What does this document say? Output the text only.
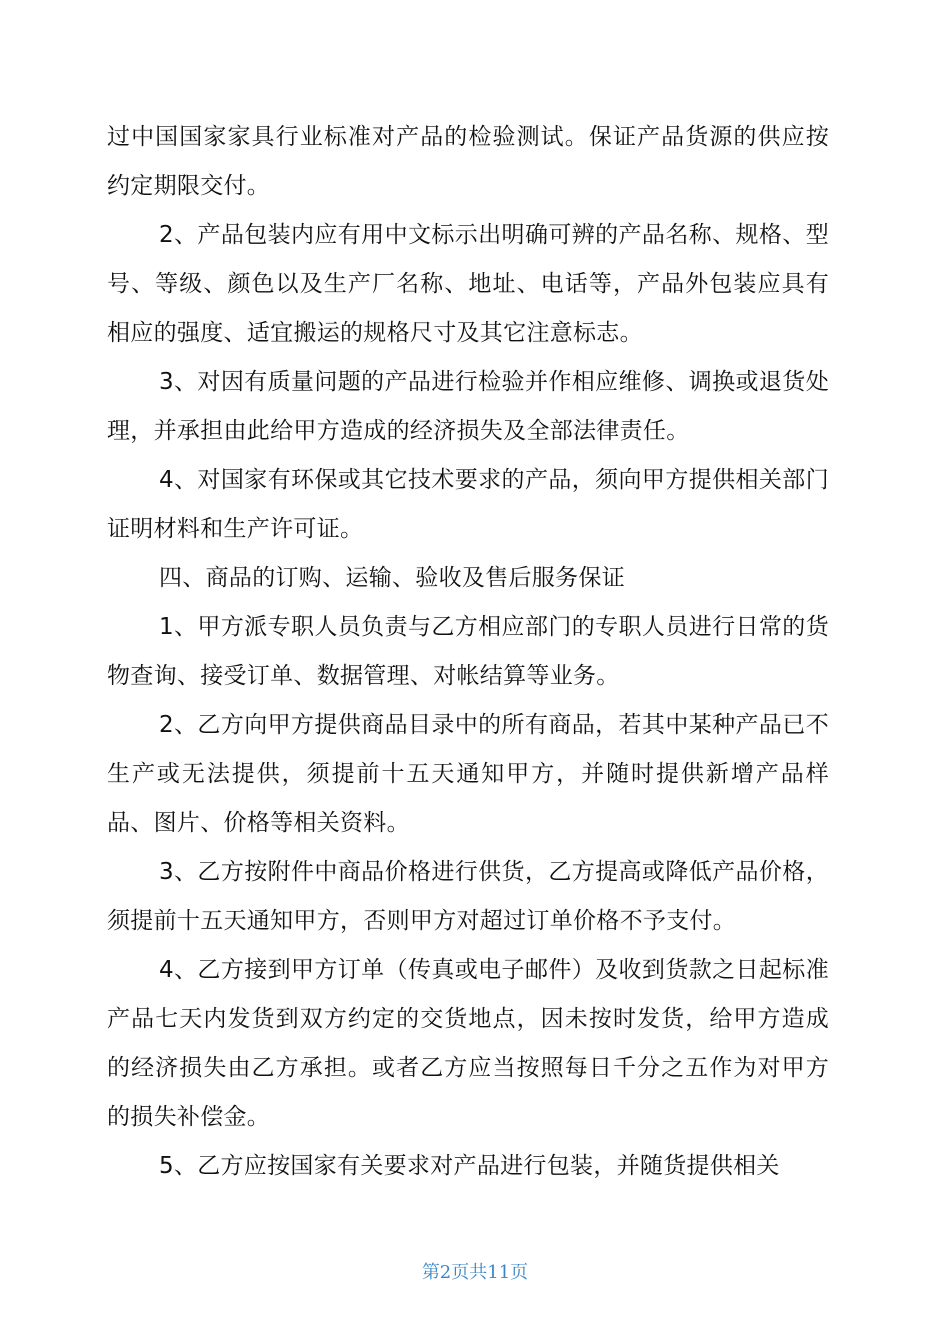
过中国国家家具行业标准对产品的检验测试。保证产品货源的供应按约定期限交付。

2、产品包装内应有用中文标示出明确可辨的产品名称、规格、型号、等级、颜色以及生产厂名称、地址、电话等，产品外包装应具有相应的强度、适宜搬运的规格尺寸及其它注意标志。

3、对因有质量问题的产品进行检验并作相应维修、调换或退货处理，并承担由此给甲方造成的经济损失及全部法律责任。

4、对国家有环保或其它技术要求的产品，须向甲方提供相关部门证明材料和生产许可证。

四、商品的订购、运输、验收及售后服务保证

1、甲方派专职人员负责与乙方相应部门的专职人员进行日常的货物查询、接受订单、数据管理、对帐结算等业务。

2、乙方向甲方提供商品目录中的所有商品，若其中某种产品已不生产或无法提供，须提前十五天通知甲方，并随时提供新增产品样品、图片、价格等相关资料。

3、乙方按附件中商品价格进行供货，乙方提高或降低产品价格，须提前十五天通知甲方，否则甲方对超过订单价格不予支付。

4、乙方接到甲方订单（传真或电子邮件）及收到货款之日起标准产品七天内发货到双方约定的交货地点，因未按时发货，给甲方造成的经济损失由乙方承担。或者乙方应当按照每日千分之五作为对甲方的损失补偿金。

5、乙方应按国家有关要求对产品进行包装，并随货提供相关

第2页共11页
